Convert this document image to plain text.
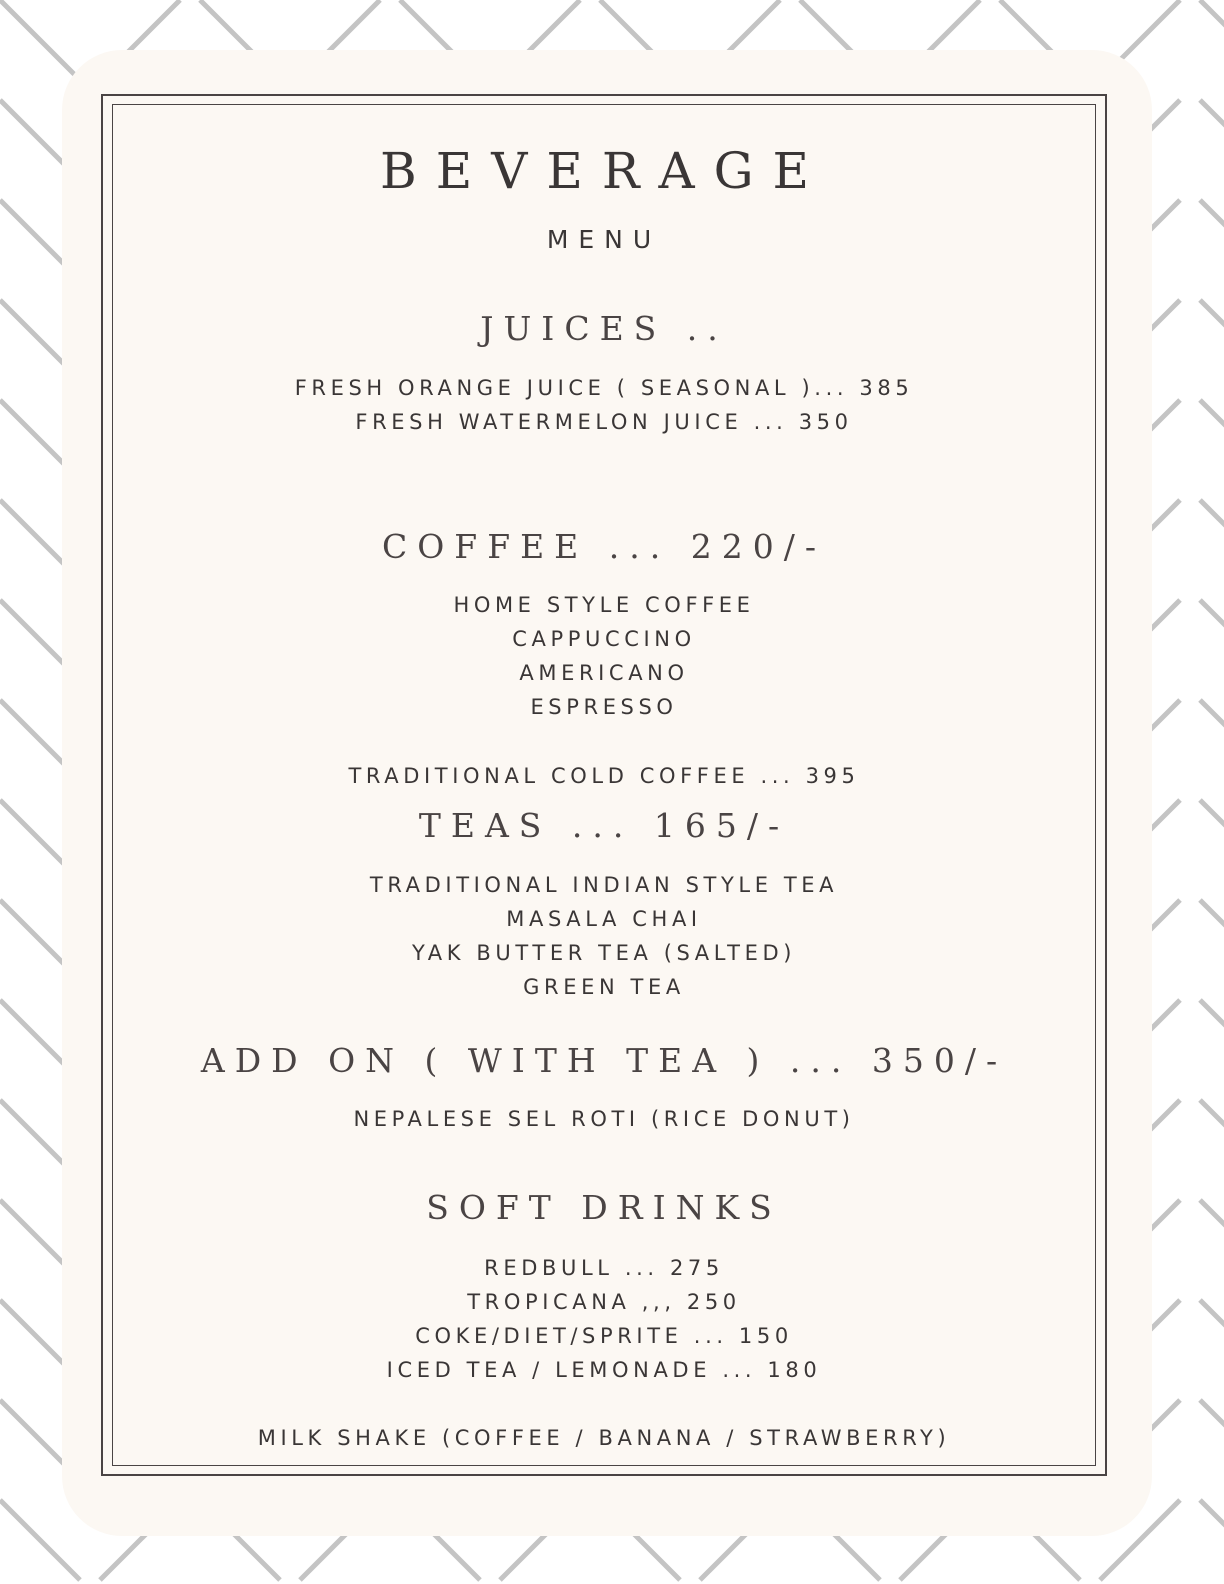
BEVERAGE
MENU
JUICES ..
FRESH ORANGE JUICE ( SEASONAL )... 385
FRESH WATERMELON JUICE ... 350
COFFEE ... 220/-
HOME STYLE COFFEE
CAPPUCCINO
AMERICANO
ESPRESSO
TRADITIONAL COLD COFFEE ... 395
TEAS ... 165/-
TRADITIONAL INDIAN STYLE TEA
MASALA CHAI
YAK BUTTER TEA (SALTED)
GREEN TEA
ADD ON ( WITH TEA ) ... 350/-
NEPALESE SEL ROTI (RICE DONUT)
SOFT DRINKS
REDBULL ... 275
TROPICANA ,,, 250
COKE/DIET/SPRITE ... 150
ICED TEA / LEMONADE ... 180
MILK SHAKE (COFFEE / BANANA / STRAWBERRY)
